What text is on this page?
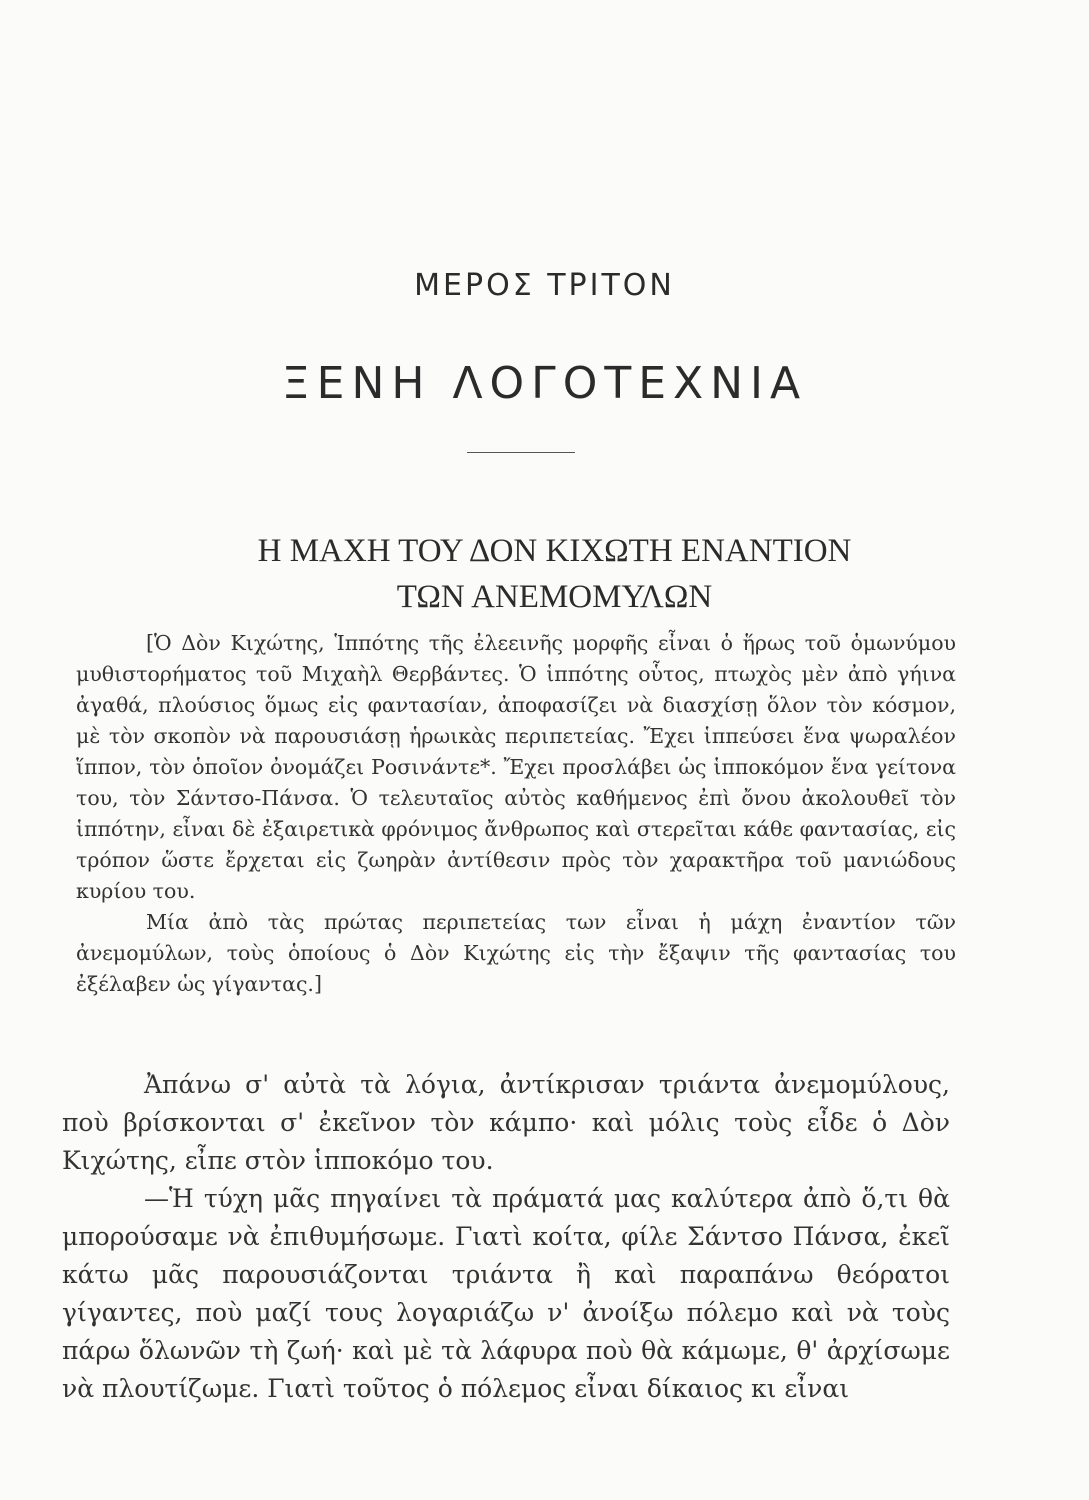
ΜΕΡΟΣ ΤΡΙΤΟΝ
ΞΕΝΗ ΛΟΓΟΤΕΧΝΙΑ
Η ΜΑΧΗ ΤΟΥ ΔΟΝ ΚΙΧΩΤΗ ΕΝΑΝΤΙΟΝ
ΤΩΝ ΑΝΕΜΟΜΥΛΩΝ

[Ὁ Δὸν Κιχώτης, Ἱππότης τῆς ἐλεεινῆς μορφῆς εἶναι ὁ ἥρως τοῦ ὁμωνύμου μυθιστορήματος τοῦ Μιχαὴλ Θερβάντες. Ὁ ἱππότης οὗτος, πτωχὸς μὲν ἀπὸ γήινα ἀγαθά, πλούσιος ὅμως εἰς φαντασίαν, ἀποφασίζει νὰ διασχίσῃ ὅλον τὸν κόσμον, μὲ τὸν σκοπὸν νὰ παρουσιάσῃ ἡρωικὰς περιπετείας. Ἔχει ἱππεύσει ἕνα ψωραλέον ἵππον, τὸν ὁποῖον ὀνομάζει Ροσινάντε*. Ἔχει προσλάβει ὡς ἱπποκόμον ἕνα γείτονα του, τὸν Σάντσο-Πάνσα. Ὁ τελευταῖος αὐτὸς καθήμενος ἐπὶ ὄνου ἀκολουθεῖ τὸν ἱππότην, εἶναι δὲ ἐξαιρετικὰ φρόνιμος ἄνθρωπος καὶ στερεῖται κάθε φαντασίας, εἰς τρόπον ὥστε ἔρχεται εἰς ζωηρὰν ἀντίθεσιν πρὸς τὸν χαρακτῆρα τοῦ μανιώδους κυρίου του.

Μία ἀπὸ τὰς πρώτας περιπετείας των εἶναι ἡ μάχη ἐναντίον τῶν ἀνεμομύλων, τοὺς ὁποίους ὁ Δὸν Κιχώτης εἰς τὴν ἔξαψιν τῆς φαντασίας του ἐξέλαβεν ὡς γίγαντας.]

Ἀπάνω σ' αὐτὰ τὰ λόγια, ἀντίκρισαν τριάντα ἀνεμομύλους, ποὺ βρίσκονται σ' ἐκεῖνον τὸν κάμπο· καὶ μόλις τοὺς εἶδε ὁ Δὸν Κιχώτης, εἶπε στὸν ἱπποκόμο του.

—Ἡ τύχη μᾶς πηγαίνει τὰ πράματά μας καλύτερα ἀπὸ ὅ,τι θὰ μπορούσαμε νὰ ἐπιθυμήσωμε. Γιατὶ κοίτα, φίλε Σάντσο Πάνσα, ἐκεῖ κάτω μᾶς παρουσιάζονται τριάντα ἢ καὶ παραπάνω θεόρατοι γίγαντες, ποὺ μαζί τους λογαριάζω ν' ἀνοίξω πόλεμο καὶ νὰ τοὺς πάρω ὅλωνῶν τὴ ζωή· καὶ μὲ τὰ λάφυρα ποὺ θὰ κάμωμε, θ' ἀρχίσωμε νὰ πλουτίζωμε. Γιατὶ τοῦτος ὁ πόλεμος εἶναι δίκαιος κι εἶναι
